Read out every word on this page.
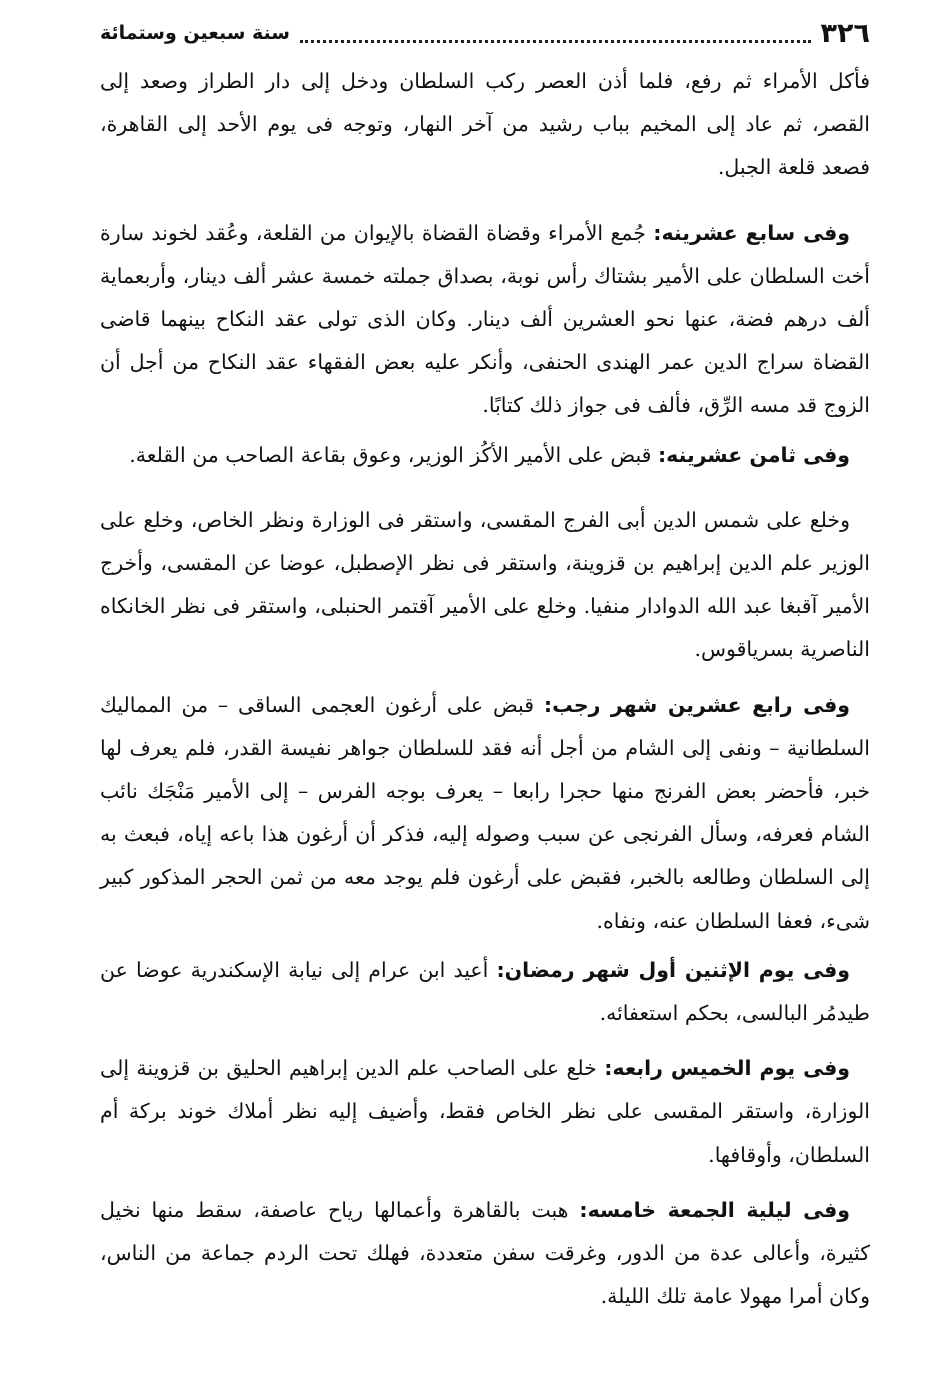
٣٢٦
سنة سبعين وستمائة

فأكل الأمراء ثم رفع، فلما أذن العصر ركب السلطان ودخل إلى دار الطراز وصعد إلى القصر، ثم عاد إلى المخيم بباب رشيد من آخر النهار، وتوجه فى يوم الأحد إلى القاهرة، فصعد قلعة الجبل.

وفى سابع عشرينه: جُمع الأمراء وقضاة القضاة بالإيوان من القلعة، وعُقد لخوند سارة أخت السلطان على الأمير بشتاك رأس نوبة، بصداق جملته خمسة عشر ألف دينار، وأربعماية ألف درهم فضة، عنها نحو العشرين ألف دينار. وكان الذى تولى عقد النكاح بينهما قاضى القضاة سراج الدين عمر الهندى الحنفى، وأنكر عليه بعض الفقهاء عقد النكاح من أجل أن الزوج قد مسه الرِّق، فألف فى جواز ذلك كتابًا.

وفى ثامن عشرينه: قبض على الأمير الأكُز الوزير، وعوق بقاعة الصاحب من القلعة.

وخلع على شمس الدين أبى الفرج المقسى، واستقر فى الوزارة ونظر الخاص، وخلع على الوزير علم الدين إبراهيم بن قزوينة، واستقر فى نظر الإصطبل، عوضا عن المقسى، وأخرج الأمير آقبغا عبد الله الدوادار منفيا. وخلع على الأمير آقتمر الحنبلى، واستقر فى نظر الخانكاه الناصرية بسرياقوس.

وفى رابع عشرين شهر رجب: قبض على أرغون العجمى الساقى – من المماليك السلطانية – ونفى إلى الشام من أجل أنه فقد للسلطان جواهر نفيسة القدر، فلم يعرف لها خبر، فأحضر بعض الفرنج منها حجرا رابعا – يعرف بوجه الفرس – إلى الأمير مَنْجَك نائب الشام فعرفه، وسأل الفرنجى عن سبب وصوله إليه، فذكر أن أرغون هذا باعه إياه، فبعث به إلى السلطان وطالعه بالخبر، فقبض على أرغون فلم يوجد معه من ثمن الحجر المذكور كبير شىء، فعفا السلطان عنه، ونفاه.

وفى يوم الإثنين أول شهر رمضان: أعيد ابن عرام إلى نيابة الإسكندرية عوضا عن طيدمُر البالسى، بحكم استعفائه.

وفى يوم الخميس رابعه: خلع على الصاحب علم الدين إبراهيم الحليق بن قزوينة إلى الوزارة، واستقر المقسى على نظر الخاص فقط، وأضيف إليه نظر أملاك خوند بركة أم السلطان، وأوقافها.

وفى ليلية الجمعة خامسه: هبت بالقاهرة وأعمالها رياح عاصفة، سقط منها نخيل كثيرة، وأعالى عدة من الدور، وغرقت سفن متعددة، فهلك تحت الردم جماعة من الناس، وكان أمرا مهولا عامة تلك الليلة.
